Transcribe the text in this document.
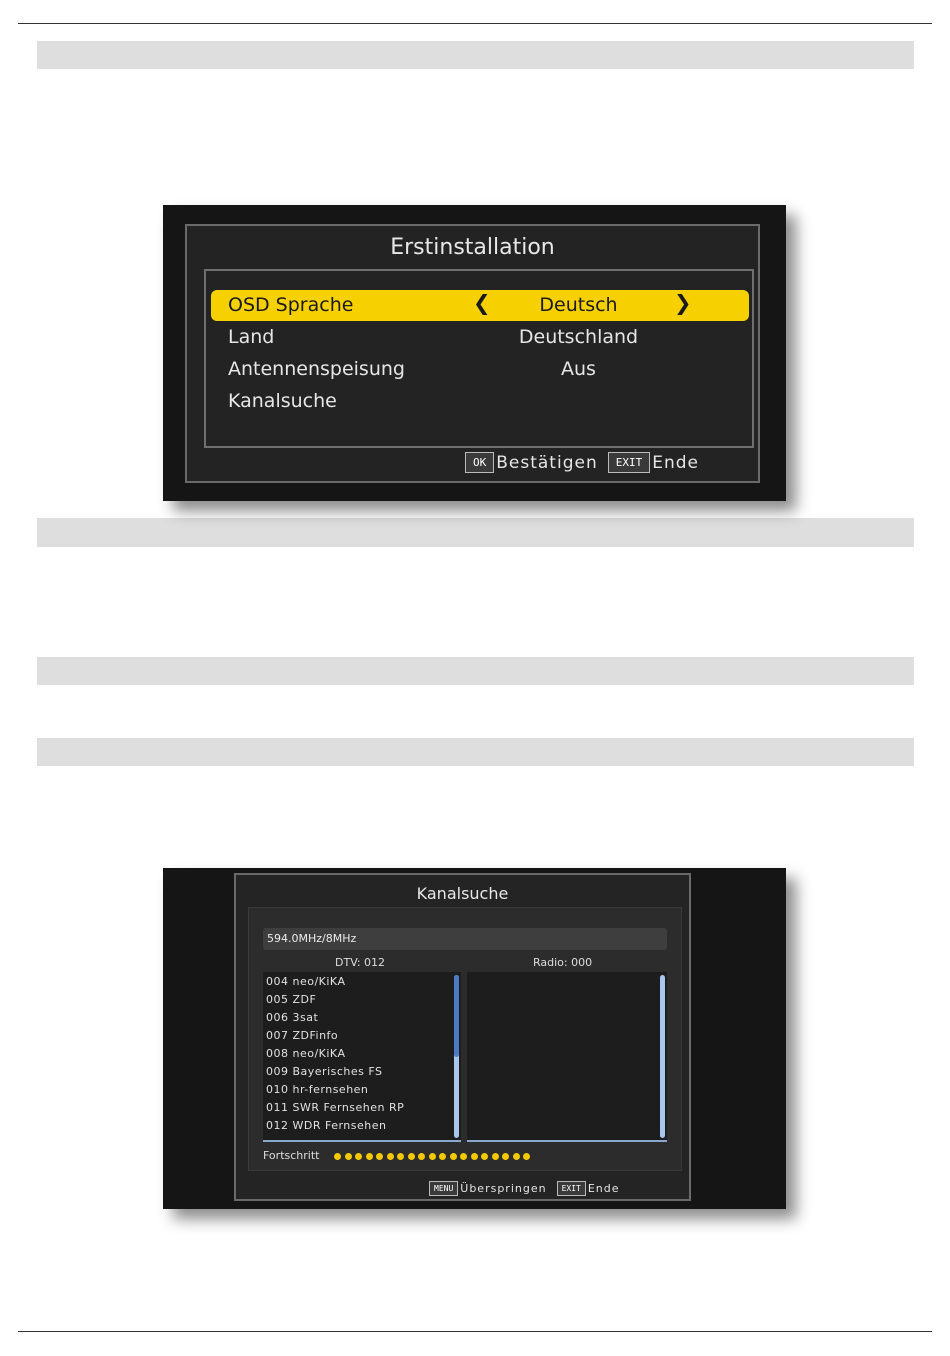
Erstinstallation
OSD Sprache	❮	Deutsch	❯
Land	Deutschland
Antennenspeisung	Aus
Kanalsuche
OK Bestätigen EXIT Ende
Kanalsuche
594.0MHz/8MHz
DTV: 012	Radio: 000
004 neo/KiKA
005 ZDF
006 3sat
007 ZDFinfo
008 neo/KiKA
009 Bayerisches FS
010 hr-fernsehen
011 SWR Fernsehen RP
012 WDR Fernsehen
Fortschritt
MENU Überspringen EXIT Ende
